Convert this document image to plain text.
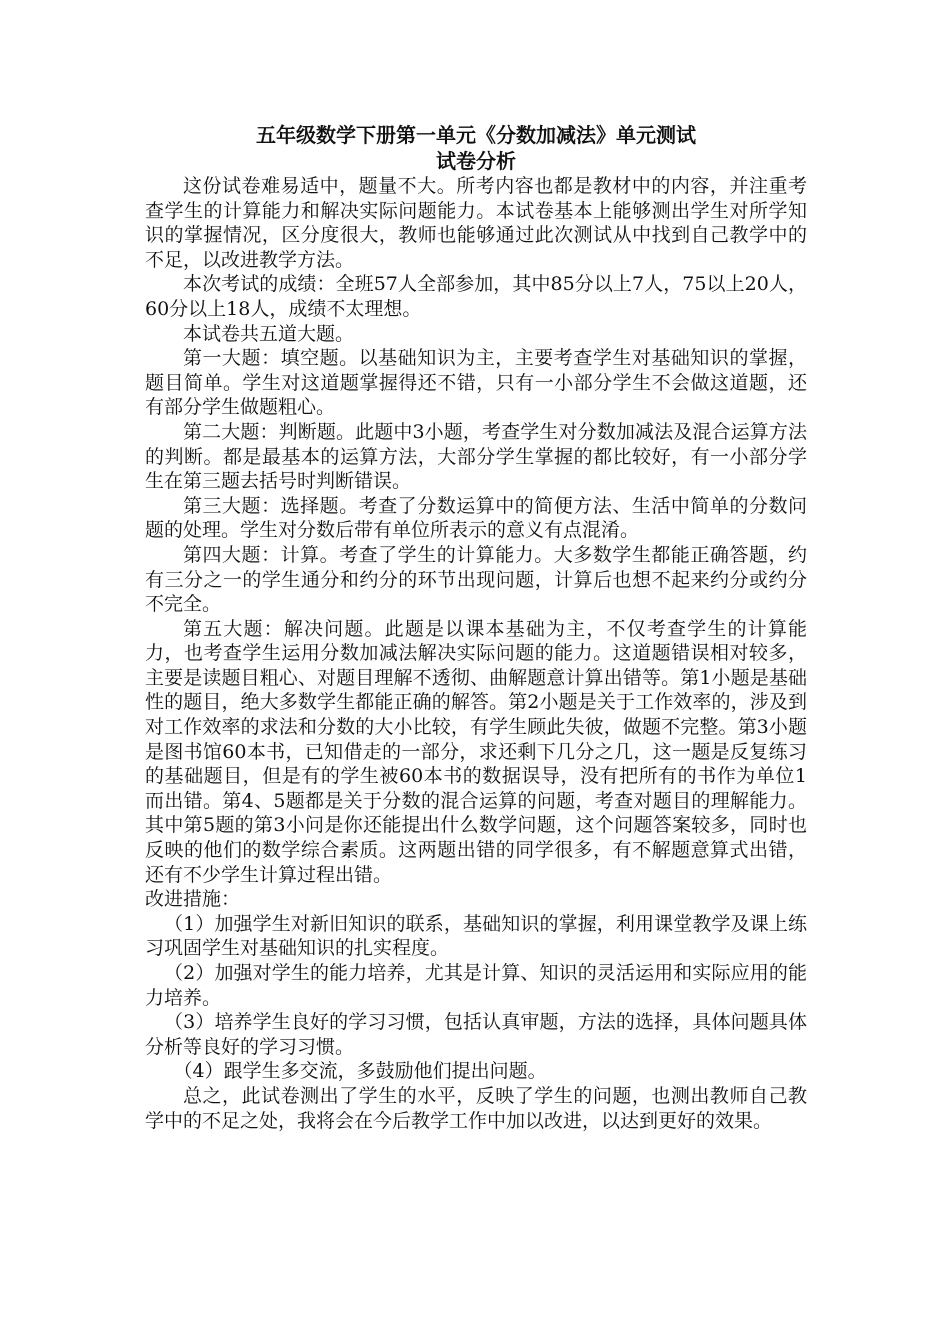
五年级数学下册第一单元《分数加减法》单元测试

试卷分析

这份试卷难易适中，题量不大。所考内容也都是教材中的内容，并注重考查学生的计算能力和解决实际问题能力。本试卷基本上能够测出学生对所学知识的掌握情况，区分度很大，教师也能够通过此次测试从中找到自己教学中的不足，以改进教学方法。

本次考试的成绩：全班57人全部参加，其中85分以上7人，75以上20人，60分以上18人，成绩不太理想。

本试卷共五道大题。

第一大题：填空题。以基础知识为主，主要考查学生对基础知识的掌握，题目简单。学生对这道题掌握得还不错，只有一小部分学生不会做这道题，还有部分学生做题粗心。

第二大题：判断题。此题中3小题，考查学生对分数加减法及混合运算方法的判断。都是最基本的运算方法，大部分学生掌握的都比较好，有一小部分学生在第三题去括号时判断错误。

第三大题：选择题。考查了分数运算中的简便方法、生活中简单的分数问题的处理。学生对分数后带有单位所表示的意义有点混淆。

第四大题：计算。考查了学生的计算能力。大多数学生都能正确答题，约有三分之一的学生通分和约分的环节出现问题，计算后也想不起来约分或约分不完全。

第五大题：解决问题。此题是以课本基础为主，不仅考查学生的计算能力，也考查学生运用分数加减法解决实际问题的能力。这道题错误相对较多，主要是读题目粗心、对题目理解不透彻、曲解题意计算出错等。第1小题是基础性的题目，绝大多数学生都能正确的解答。第2小题是关于工作效率的，涉及到对工作效率的求法和分数的大小比较，有学生顾此失彼，做题不完整。第3小题是图书馆60本书，已知借走的一部分，求还剩下几分之几，这一题是反复练习的基础题目，但是有的学生被60本书的数据误导，没有把所有的书作为单位1而出错。第4、5题都是关于分数的混合运算的问题，考查对题目的理解能力。其中第5题的第3小问是你还能提出什么数学问题，这个问题答案较多，同时也反映的他们的数学综合素质。这两题出错的同学很多，有不解题意算式出错，还有不少学生计算过程出错。

改进措施：

（1）加强学生对新旧知识的联系，基础知识的掌握，利用课堂教学及课上练习巩固学生对基础知识的扎实程度。

（2）加强对学生的能力培养，尤其是计算、知识的灵活运用和实际应用的能力培养。

（3）培养学生良好的学习习惯，包括认真审题，方法的选择，具体问题具体分析等良好的学习习惯。

（4）跟学生多交流，多鼓励他们提出问题。

总之，此试卷测出了学生的水平，反映了学生的问题，也测出教师自己教学中的不足之处，我将会在今后教学工作中加以改进，以达到更好的效果。
